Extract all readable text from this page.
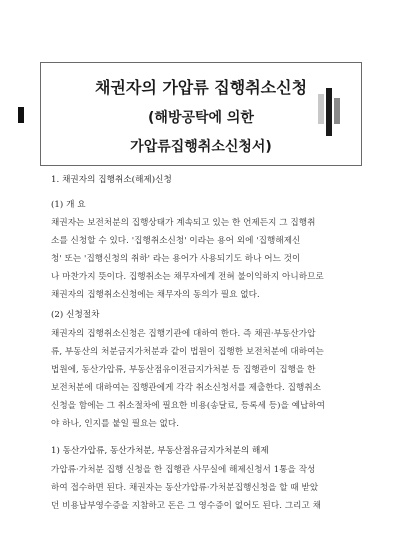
채권자의 가압류 집행취소신청
(해방공탁에 의한
가압류집행취소신청서)
1. 채권자의 집행취소(해제)신청
(1) 개 요
채권자는 보전처분의 집행상태가 계속되고 있는 한 언제든지 그 집행취
소를 신청할 수 있다. '집행취소신청' 이라는 용어 외에 '집행해제신
청' 또는 '집행신청의 취하' 라는 용어가 사용되기도 하나 어느 것이
나 마찬가지 뜻이다. 집행취소는 채무자에게 전혀 불이익하지 아니하므로
채권자의 집행취소신청에는 채무자의 동의가 필요 없다.
(2) 신청절차
채권자의 집행취소신청은 집행기관에 대하여 한다. 즉 채권·부동산가압
류, 부동산의 처분금지가처분과 같이 법원이 집행한 보전처분에 대하여는
법원에, 동산가압류, 부동산점유이전금지가처분 등 집행관이 집행을 한
보전처분에 대하여는 집행관에게 각각 취소신청서를 제출한다. 집행취소
신청을 함에는 그 취소절차에 필요한 비용(송달료, 등록세 등)을 예납하여
야 하나, 인지를 붙일 필요는 없다.
1) 동산가압류, 동산가처분, 부동산점유금지가처분의 해제
가압류·가처분 집행 신청을 한 집행관 사무실에 해제신청서 1통을 작성
하여 접수하면 된다. 채권자는 동산가압류·가처분집행신청을 할 때 받았
던 비용납부영수증을 지참하고 돈은 그 영수증이 없어도 된다. 그리고 채
